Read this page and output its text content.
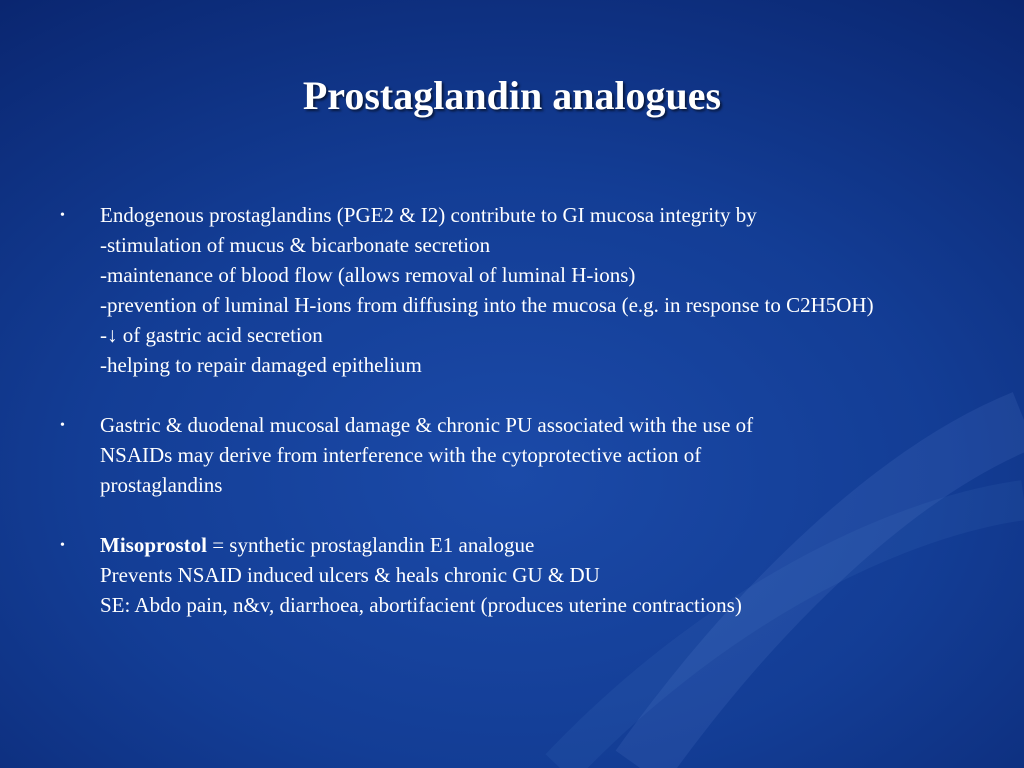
Prostaglandin analogues
• Endogenous prostaglandins (PGE2 & I2) contribute to GI mucosa integrity by
-stimulation of mucus & bicarbonate secretion
-maintenance of blood flow (allows removal of luminal H-ions)
-prevention of luminal H-ions from diffusing into the mucosa (e.g. in response to C2H5OH)
-↓ of gastric acid secretion
-helping to repair damaged epithelium
• Gastric & duodenal mucosal damage & chronic PU associated with the use of
NSAIDs may derive from interference with the cytoprotective action of
prostaglandins
• Misoprostol = synthetic prostaglandin E1 analogue
Prevents NSAID induced ulcers & heals chronic GU & DU
SE: Abdo pain, n&v, diarrhoea, abortifacient (produces uterine contractions)
